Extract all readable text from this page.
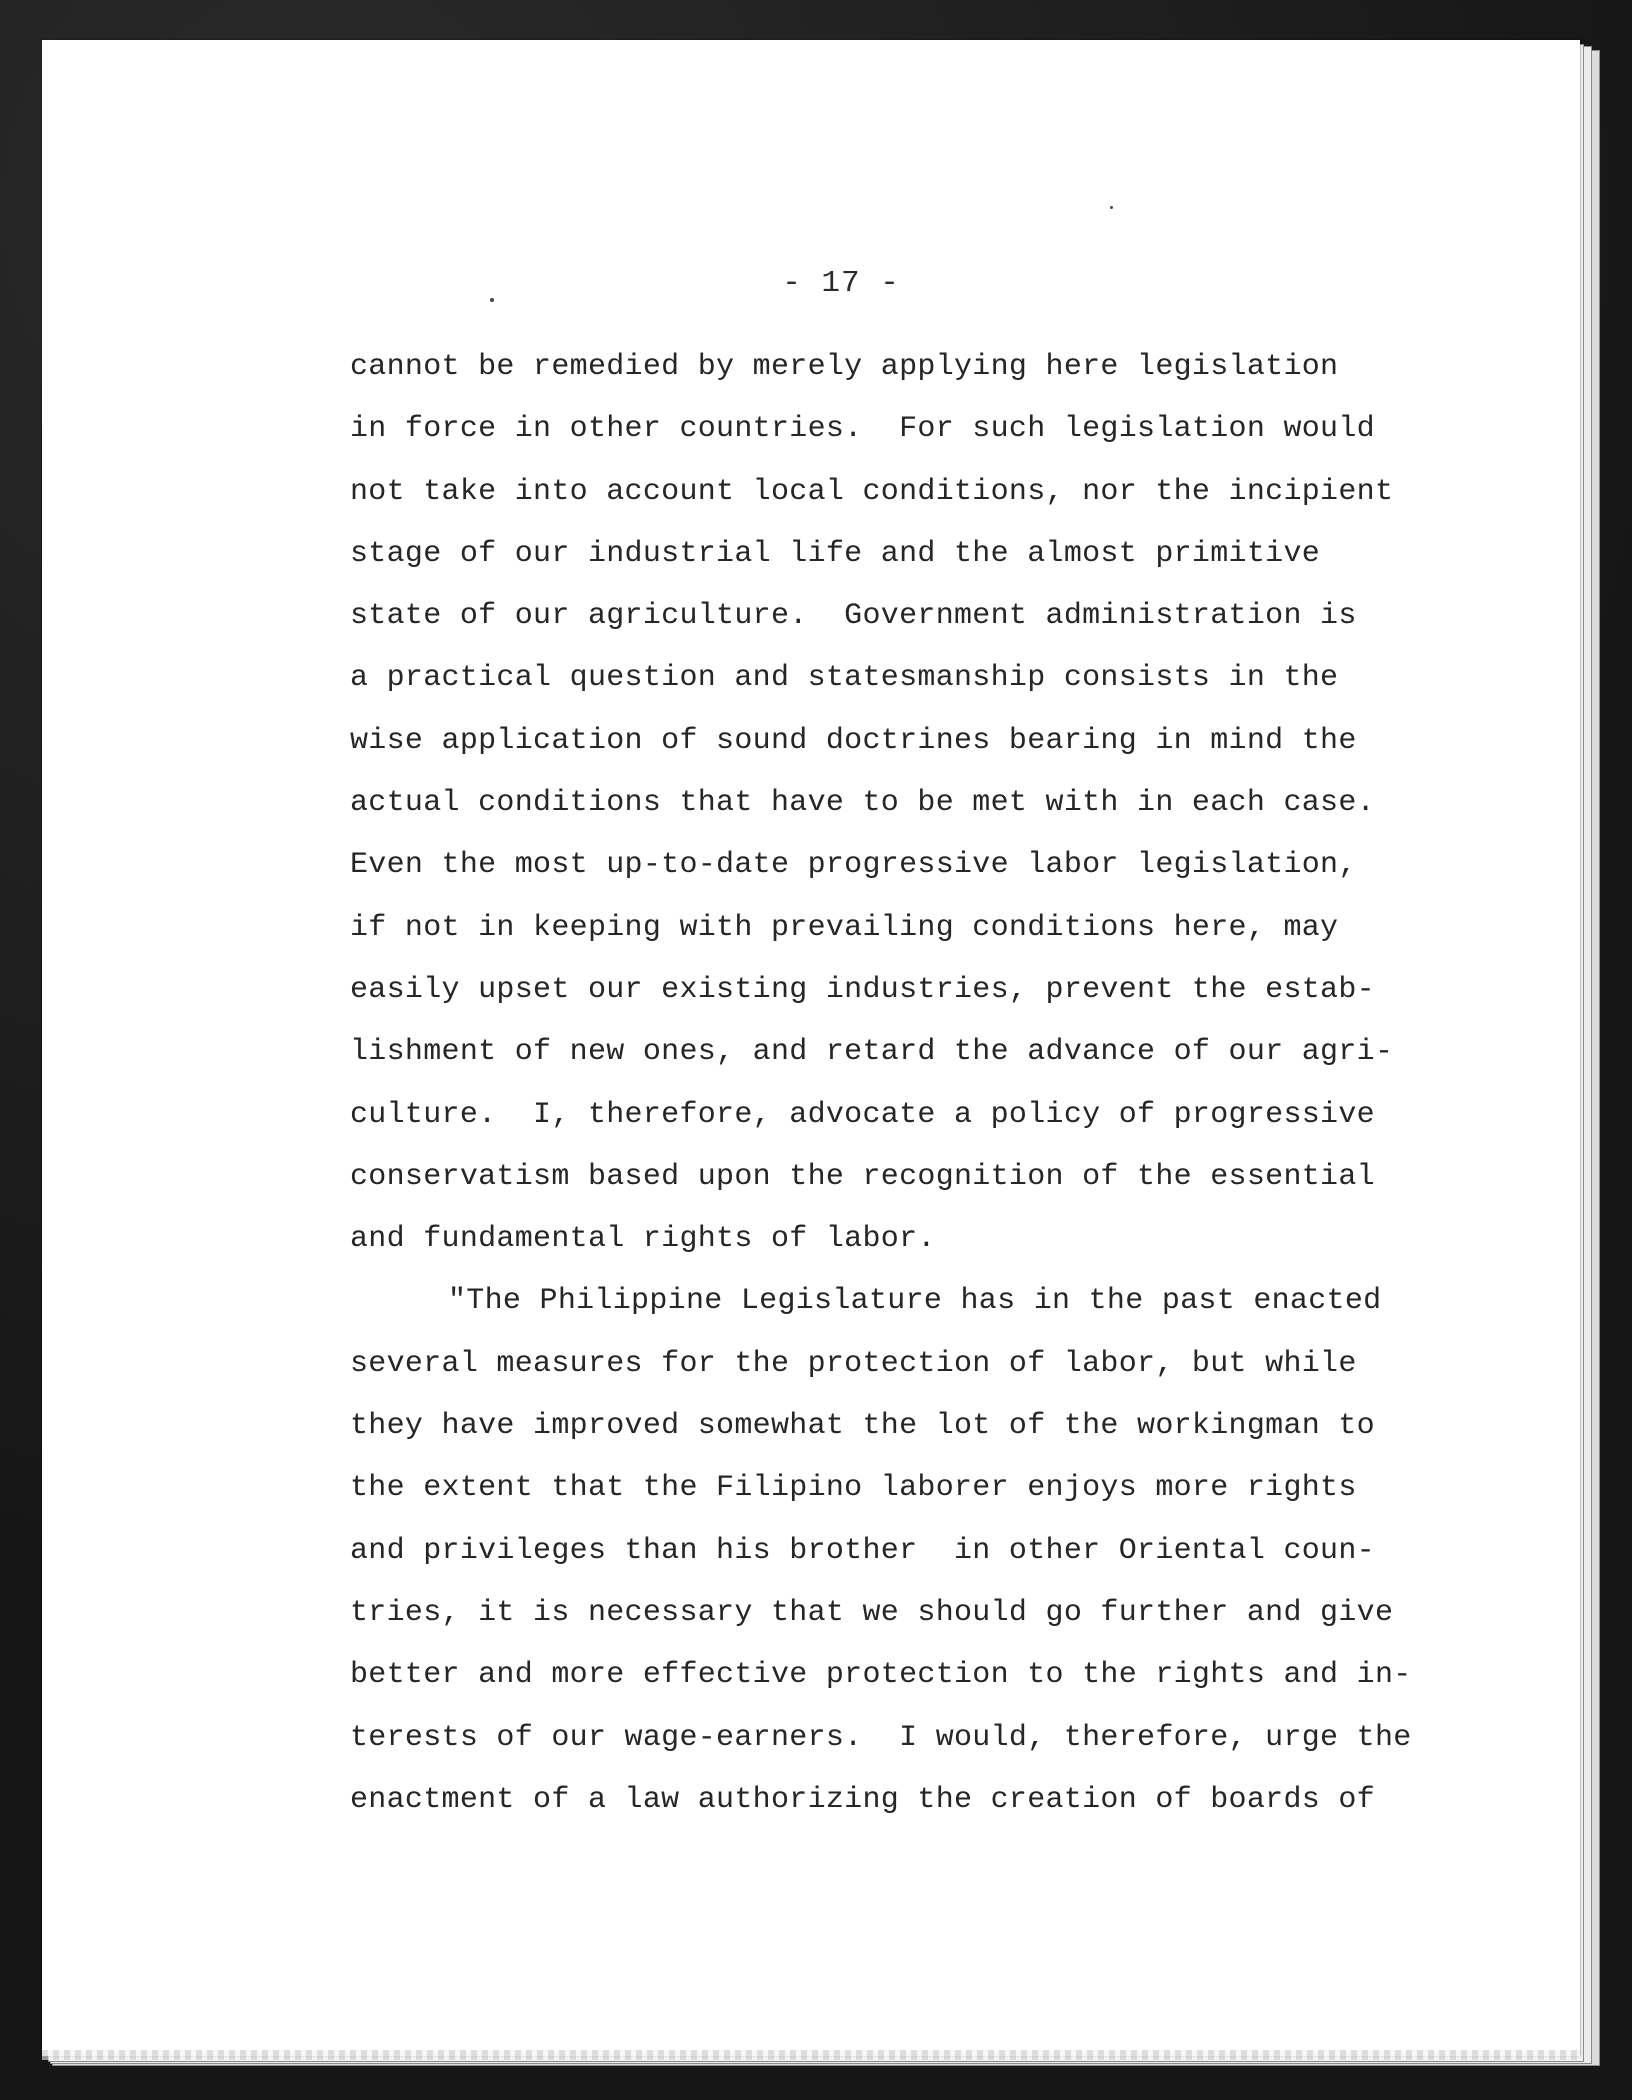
- 17 -
cannot be remedied by merely applying here legislation
in force in other countries.  For such legislation would
not take into account local conditions, nor the incipient
stage of our industrial life and the almost primitive
state of our agriculture.  Government administration is
a practical question and statesmanship consists in the
wise application of sound doctrines bearing in mind the
actual conditions that have to be met with in each case.
Even the most up-to-date progressive labor legislation,
if not in keeping with prevailing conditions here, may
easily upset our existing industries, prevent the estab-
lishment of new ones, and retard the advance of our agri-
culture.  I, therefore, advocate a policy of progressive
conservatism based upon the recognition of the essential
and fundamental rights of labor.
"The Philippine Legislature has in the past enacted
several measures for the protection of labor, but while
they have improved somewhat the lot of the workingman to
the extent that the Filipino laborer enjoys more rights
and privileges than his brother  in other Oriental coun-
tries, it is necessary that we should go further and give
better and more effective protection to the rights and in-
terests of our wage-earners.  I would, therefore, urge the
enactment of a law authorizing the creation of boards of
